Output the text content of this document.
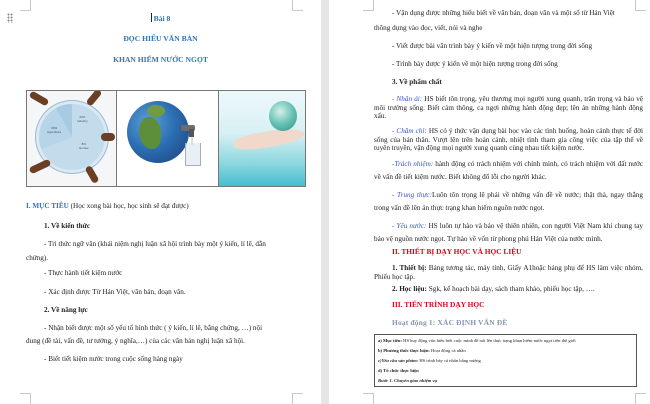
Bài 8
ĐỌC HIỂU VĂN BẢN
KHAN HIẾM NƯỚC NGỌT
69%
Agriculture
23%
Industry
8%
Homes
I. MỤC TIÊU (Học xong bài học, học sinh sẽ đạt được)
1. Về kiến thức
- Tri thức ngữ văn (khái niệm nghị luận xã hội trình bày một ý kiến, lí lẽ, dẫn
chứng).
- Thực hành tiết kiệm nước
- Xác định được Từ Hán Việt, văn bản, đoạn văn.
2. Về năng lực
- Nhận biết được một số yếu tố hình thức ( ý kiến, lí lẽ, bằng chứng, …) nội
dung (đề tài, vấn đề, tư tưởng, ý nghĩa,…) của các văn bản nghị luận xã hội.
- Biết tiết kiệm nước trong cuộc sống hàng ngày
- Vận dụng được những hiểu biết về văn bản, đoạn văn và một số từ Hán Việt
thông dụng vào đọc, viết, nói và nghe
- Viết được bài văn trình bày ý kiến về một hiện tượng trong đời sống
- Trình bày được ý kiến về một hiện tượng trong đời sống
3. Về phẩm chất
- Nhân ái: HS biết tôn trọng, yêu thương mọi người xung quanh, trân trọng và bảo vệ môi trường sống. Biết cảm thông, ca ngợi những hành động đẹp; lên án những hành động xấu.
- Chăm chỉ: HS có ý thức vận dụng bài học vào các tình huống, hoàn cảnh thực tế đời sống của bản thân. Vượt lên trên hoàn cảnh, nhiệt tình tham gia công việc của tập thể về tuyên truyền, vận động mọi người xung quanh cùng nhau tiết kiệm nước.
-Trách nhiệm: hành động có trách nhiệm với chính mình, có trách nhiệm với đất nước về vấn đề tiết kiệm nước. Biết không đổ lỗi cho người khác.
- Trung thực:Luôn tôn trọng lẽ phải về những vấn đề về nước; thật thà, ngay thẳng trong vấn đề lên án thực trạng khan hiếm nguồn nước ngọt.
- Yêu nước: HS luôn tự hào và bảo vệ thiên nhiên, con người Việt Nam khi chung tay bảo vệ nguồn nước ngọt. Tự hào về vốn từ phong phú Hán Việt của nước mình.
II. THIẾT BỊ DẠY HỌC VÀ HỌC LIỆU
1. Thiết bị: Bảng tương tác, máy tính, Giấy A1hoặc bảng phụ để HS làm việc nhóm, Phiếu học tập.
2. Học liệu: Sgk, kế hoạch bài dạy, sách tham khảo, phiếu học tập, ….
III. TIẾN TRÌNH DẠY HỌC
Hoạt động 1: XÁC ĐỊNH VẤN ĐỀ
a) Mục tiêu: HS huy động vốn hiểu biết cuộc mình để nói lên thực trạng khan hiếm nước ngọt trên thế giới
b) Phương thức thực hiện: Hoạt động cá nhân
c)Yêu cầu sản phẩm: HS trình bày cá nhân bằng miệng
d) Tổ chức thực hiện
Bước 1. Chuyển giao nhiệm vụ
